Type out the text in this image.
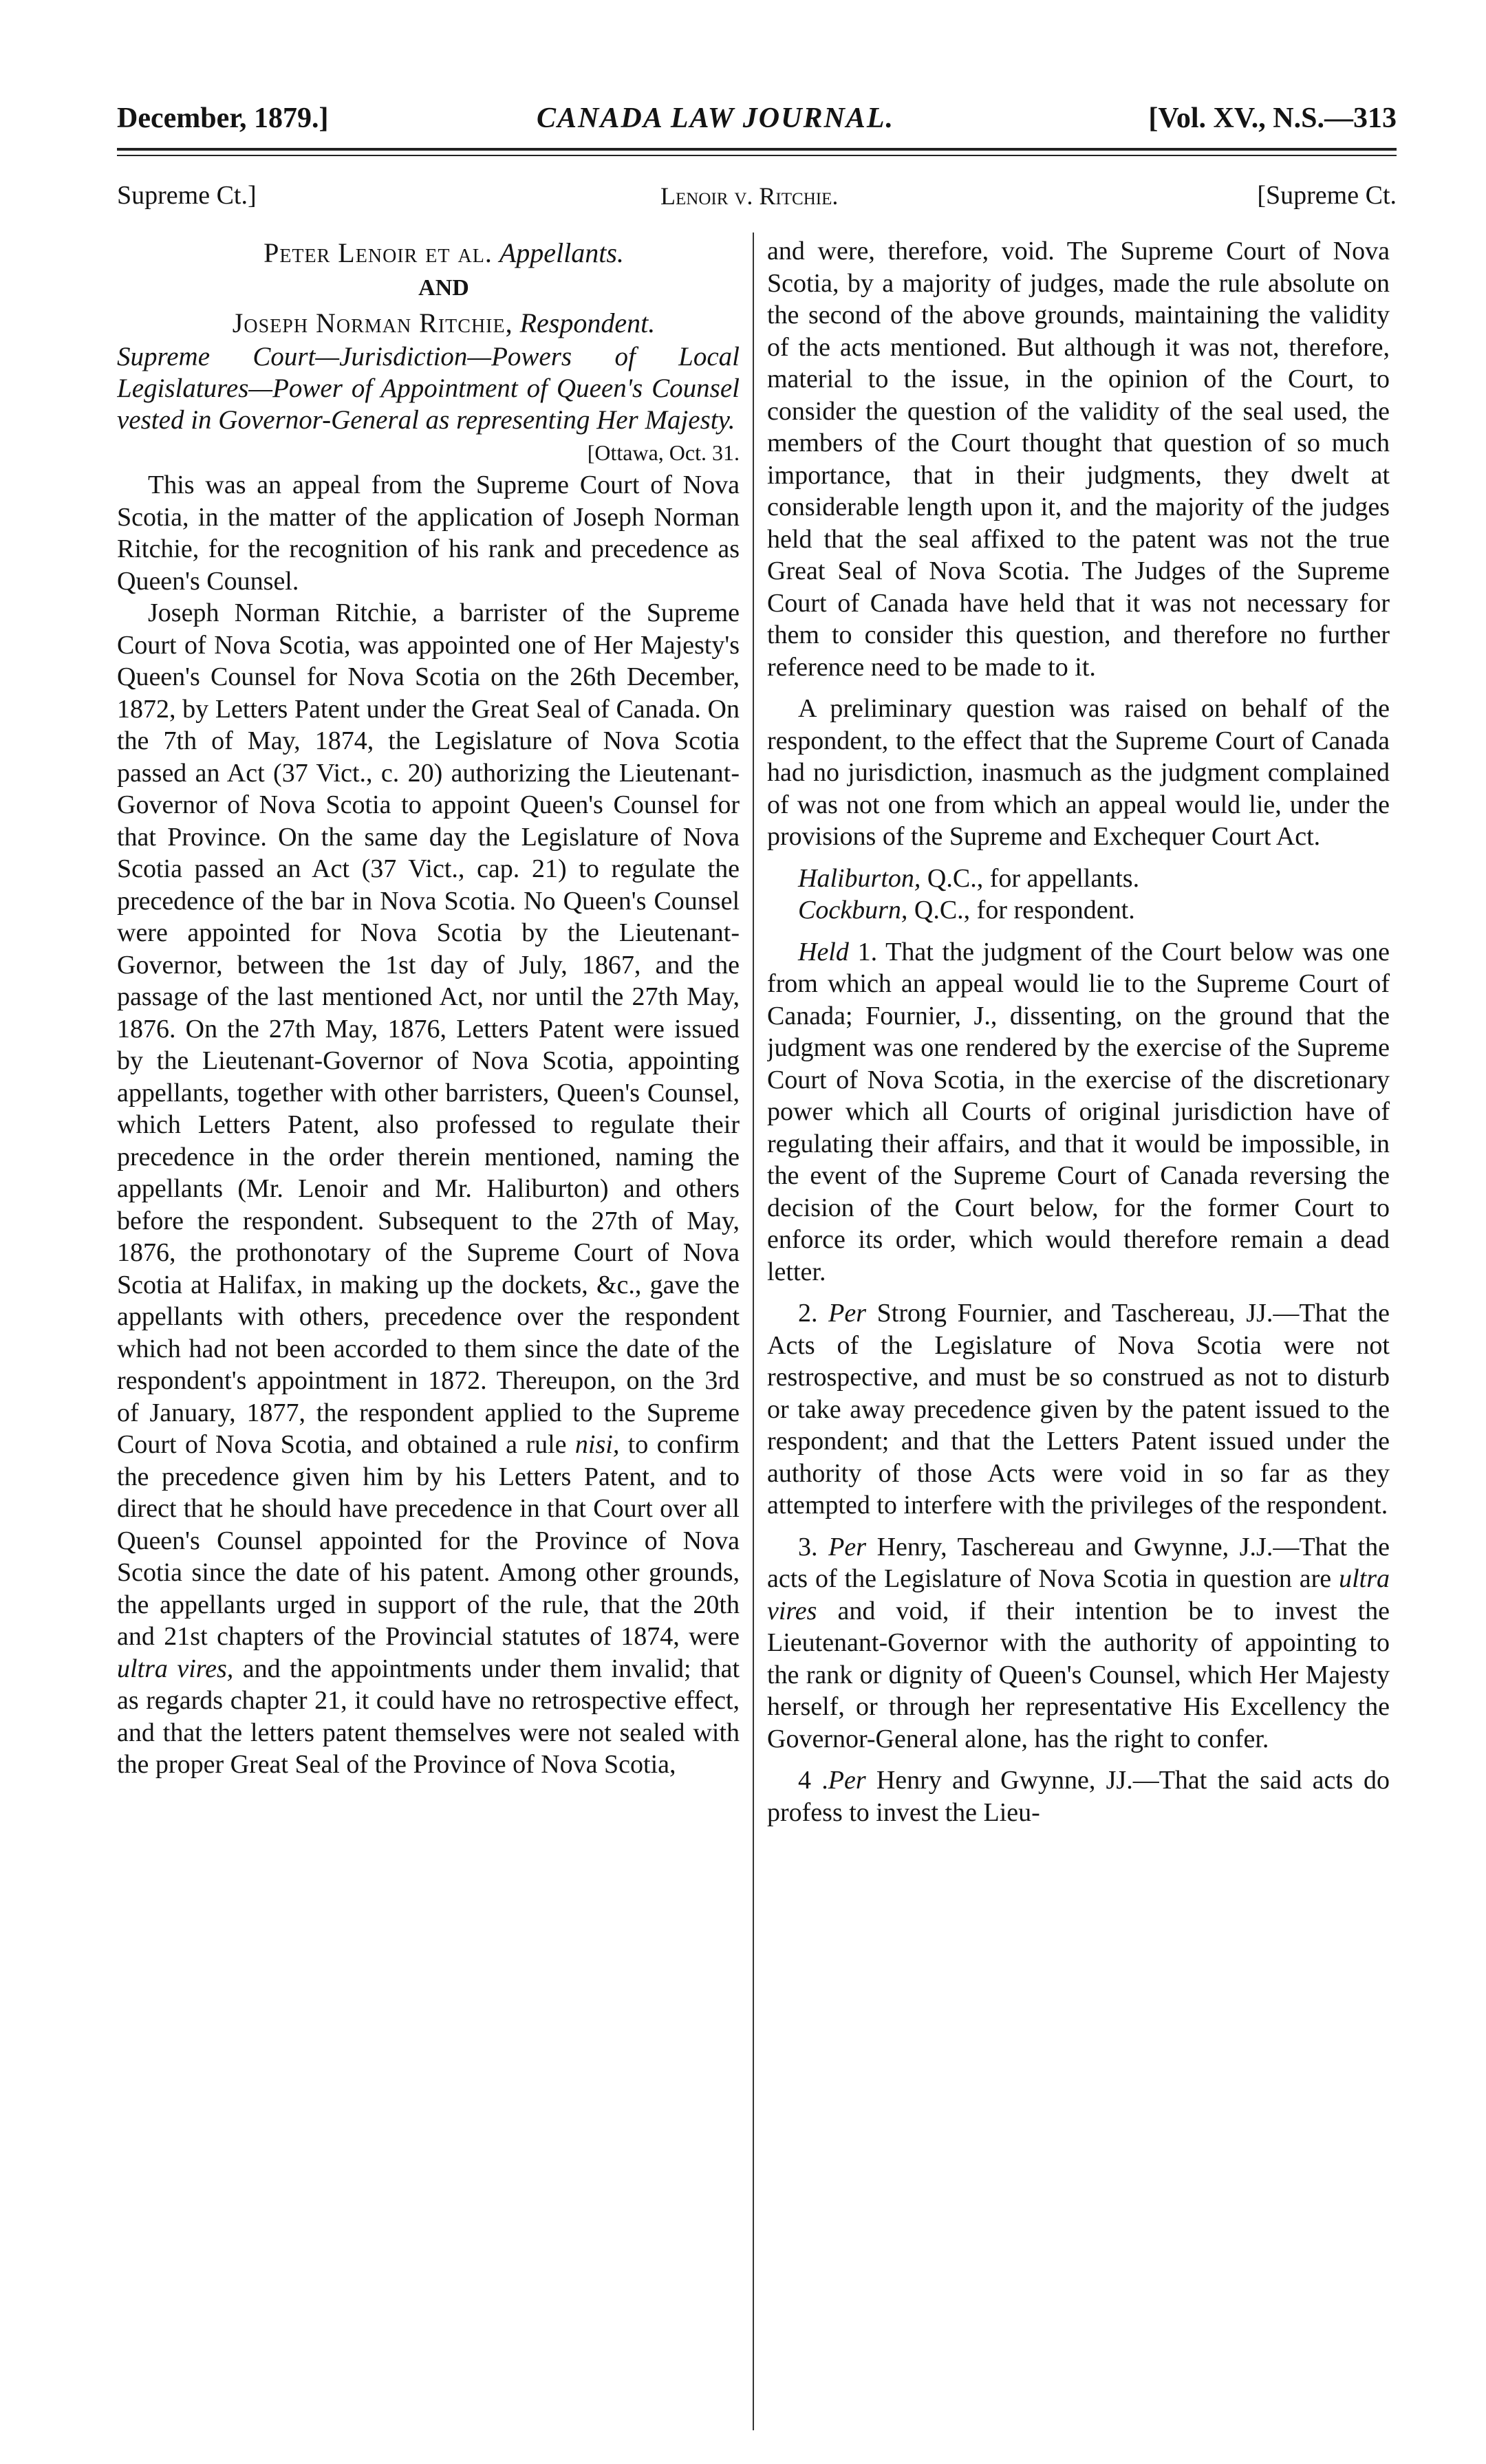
December, 1879.]	CANADA LAW JOURNAL.	[Vol. XV., N.S.—313
Supreme Ct.]	Lenoir v. Ritchie.	[Supreme Ct.

Peter Lenoir et al. Appellants.

AND

Joseph Norman Ritchie, Respondent.

Supreme Court—Jurisdiction—Powers of Local Legislatures—Power of Appointment of Queen's Counsel vested in Governor-General as representing Her Majesty.

[Ottawa, Oct. 31.

This was an appeal from the Supreme Court of Nova Scotia, in the matter of the application of Joseph Norman Ritchie, for the recognition of his rank and precedence as Queen's Counsel.

Joseph Norman Ritchie, a barrister of the Supreme Court of Nova Scotia, was appointed one of Her Majesty's Queen's Counsel for Nova Scotia on the 26th December, 1872, by Letters Patent under the Great Seal of Canada. On the 7th of May, 1874, the Legislature of Nova Scotia passed an Act (37 Vict., c. 20) authorizing the Lieutenant-Governor of Nova Scotia to appoint Queen's Counsel for that Province. On the same day the Legislature of Nova Scotia passed an Act (37 Vict., cap. 21) to regulate the precedence of the bar in Nova Scotia. No Queen's Counsel were appointed for Nova Scotia by the Lieutenant-Governor, between the 1st day of July, 1867, and the passage of the last mentioned Act, nor until the 27th May, 1876. On the 27th May, 1876, Letters Patent were issued by the Lieutenant-Governor of Nova Scotia, appointing appellants, together with other barristers, Queen's Counsel, which Letters Patent, also professed to regulate their precedence in the order therein mentioned, naming the appellants (Mr. Lenoir and Mr. Haliburton) and others before the respondent. Subsequent to the 27th of May, 1876, the prothonotary of the Supreme Court of Nova Scotia at Halifax, in making up the dockets, &c., gave the appellants with others, precedence over the respondent which had not been accorded to them since the date of the respondent's appointment in 1872. Thereupon, on the 3rd of January, 1877, the respondent applied to the Supreme Court of Nova Scotia, and obtained a rule nisi, to confirm the precedence given him by his Letters Patent, and to direct that he should have precedence in that Court over all Queen's Counsel appointed for the Province of Nova Scotia since the date of his patent. Among other grounds, the appellants urged in support of the rule, that the 20th and 21st chapters of the Provincial statutes of 1874, were ultra vires, and the appointments under them invalid; that as regards chapter 21, it could have no retrospective effect, and that the letters patent themselves were not sealed with the proper Great Seal of the Province of Nova Scotia,

and were, therefore, void. The Supreme Court of Nova Scotia, by a majority of judges, made the rule absolute on the second of the above grounds, maintaining the validity of the acts mentioned. But although it was not, therefore, material to the issue, in the opinion of the Court, to consider the question of the validity of the seal used, the members of the Court thought that question of so much importance, that in their judgments, they dwelt at considerable length upon it, and the majority of the judges held that the seal affixed to the patent was not the true Great Seal of Nova Scotia. The Judges of the Supreme Court of Canada have held that it was not necessary for them to consider this question, and therefore no further reference need to be made to it.

A preliminary question was raised on behalf of the respondent, to the effect that the Supreme Court of Canada had no jurisdiction, inasmuch as the judgment complained of was not one from which an appeal would lie, under the provisions of the Supreme and Exchequer Court Act.

Haliburton, Q.C., for appellants.

Cockburn, Q.C., for respondent.

Held 1. That the judgment of the Court below was one from which an appeal would lie to the Supreme Court of Canada; Fournier, J., dissenting, on the ground that the judgment was one rendered by the exercise of the Supreme Court of Nova Scotia, in the exercise of the discretionary power which all Courts of original jurisdiction have of regulating their affairs, and that it would be impossible, in the event of the Supreme Court of Canada reversing the decision of the Court below, for the former Court to enforce its order, which would therefore remain a dead letter.

2. Per Strong Fournier, and Taschereau, JJ.—That the Acts of the Legislature of Nova Scotia were not restrospective, and must be so construed as not to disturb or take away precedence given by the patent issued to the respondent; and that the Letters Patent issued under the authority of those Acts were void in so far as they attempted to interfere with the privileges of the respondent.

3. Per Henry, Taschereau and Gwynne, J.J.—That the acts of the Legislature of Nova Scotia in question are ultra vires and void, if their intention be to invest the Lieutenant-Governor with the authority of appointing to the rank or dignity of Queen's Counsel, which Her Majesty herself, or through her representative His Excellency the Governor-General alone, has the right to confer.

4 .Per Henry and Gwynne, JJ.—That the said acts do profess to invest the Lieu-
